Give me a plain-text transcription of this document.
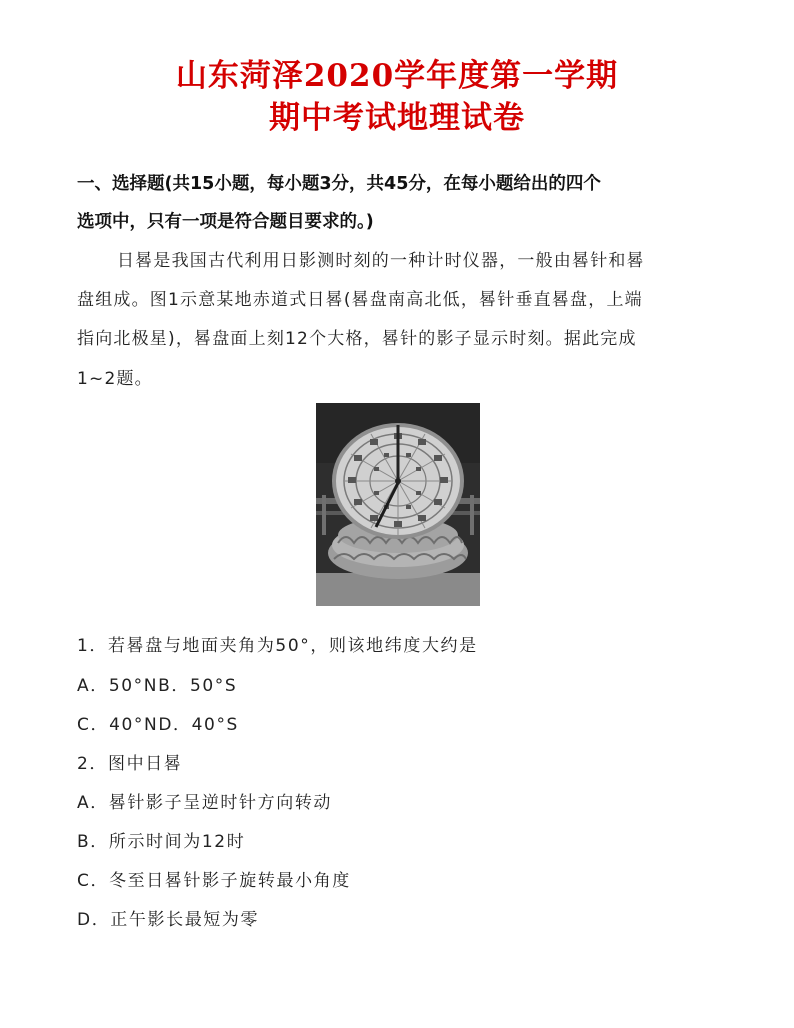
山东菏泽2020学年度第一学期
期中考试地理试卷
一、选择题(共15小题，每小题3分，共45分，在每小题给出的四个
选项中，只有一项是符合题目要求的。)
日晷是我国古代利用日影测时刻的一种计时仪器，一般由晷针和晷
盘组成。图1示意某地赤道式日晷(晷盘南高北低，晷针垂直晷盘，上端
指向北极星)，晷盘面上刻12个大格，晷针的影子显示时刻。据此完成
1~2题。
1．若晷盘与地面夹角为50°，则该地纬度大约是
A．50°NB．50°S
C．40°ND．40°S
2．图中日晷
A．晷针影子呈逆时针方向转动
B．所示时间为12时
C．冬至日晷针影子旋转最小角度
D．正午影长最短为零
